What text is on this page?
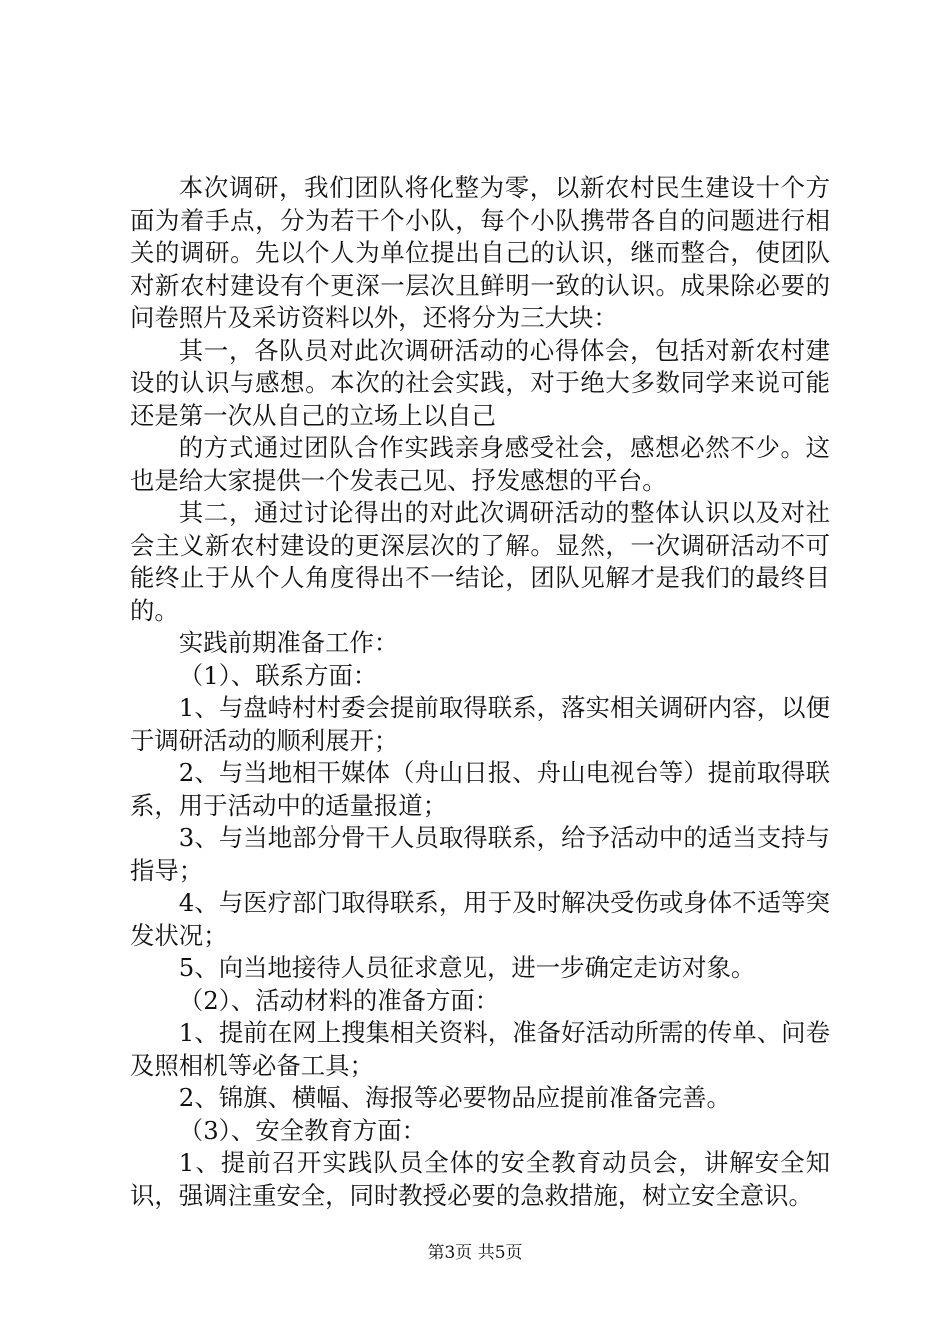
本次调研，我们团队将化整为零，以新农村民生建设十个方面为着手点，分为若干个小队，每个小队携带各自的问题进行相关的调研。先以个人为单位提出自己的认识，继而整合，使团队对新农村建设有个更深一层次且鲜明一致的认识。成果除必要的问卷照片及采访资料以外，还将分为三大块：

其一，各队员对此次调研活动的心得体会，包括对新农村建设的认识与感想。本次的社会实践，对于绝大多数同学来说可能还是第一次从自己的立场上以自己

的方式通过团队合作实践亲身感受社会，感想必然不少。这也是给大家提供一个发表己见、抒发感想的平台。

其二，通过讨论得出的对此次调研活动的整体认识以及对社会主义新农村建设的更深层次的了解。显然，一次调研活动不可能终止于从个人角度得出不一结论，团队见解才是我们的最终目的。

实践前期准备工作：

（1）、联系方面：

1、与盘峙村村委会提前取得联系，落实相关调研内容，以便于调研活动的顺利展开；

2、与当地相干媒体（舟山日报、舟山电视台等）提前取得联系，用于活动中的适量报道；

3、与当地部分骨干人员取得联系，给予活动中的适当支持与指导；

4、与医疗部门取得联系，用于及时解决受伤或身体不适等突发状况；

5、向当地接待人员征求意见，进一步确定走访对象。

（2）、活动材料的准备方面：

1、提前在网上搜集相关资料，准备好活动所需的传单、问卷及照相机等必备工具；

2、锦旗、横幅、海报等必要物品应提前准备完善。

（3）、安全教育方面：

1、提前召开实践队员全体的安全教育动员会，讲解安全知识，强调注重安全，同时教授必要的急救措施，树立安全意识。

第3页 共5页
